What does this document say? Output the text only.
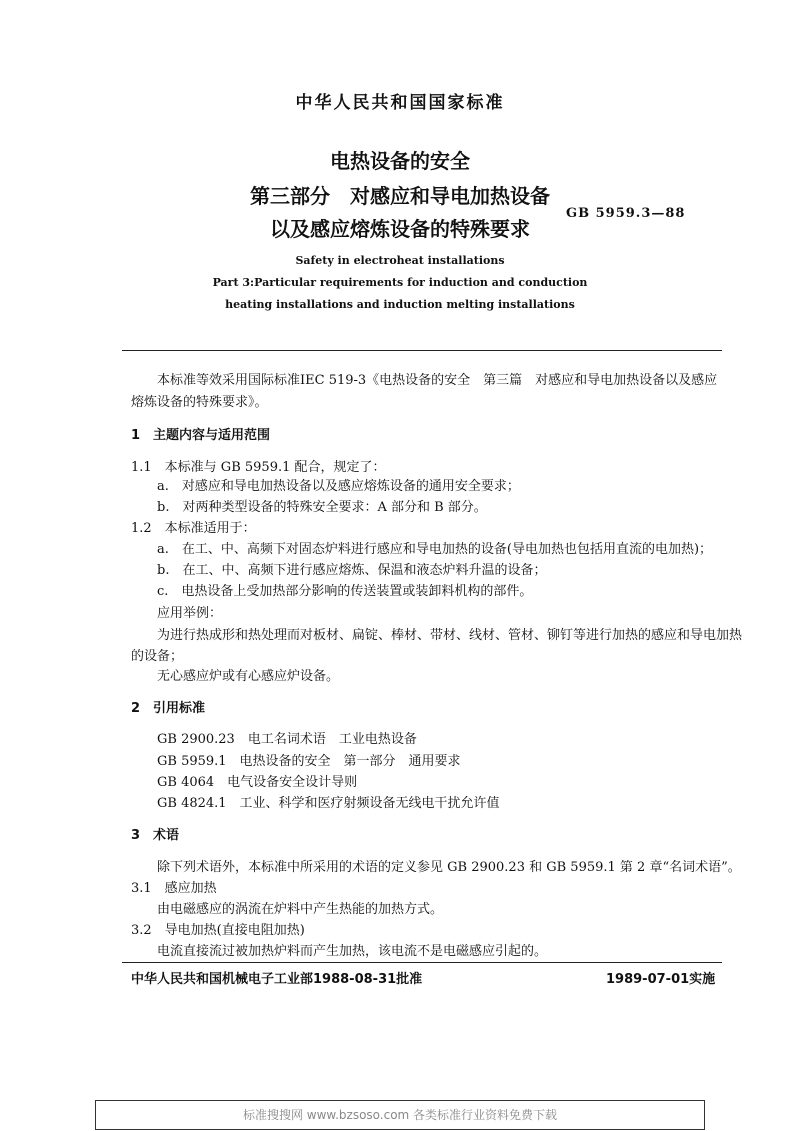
中华人民共和国国家标准
电热设备的安全
第三部分　对感应和导电加热设备
以及感应熔炼设备的特殊要求
GB 5959.3—88
Safety in electroheat installations
Part 3:Particular requirements for induction and conduction
heating installations and induction melting installations
本标准等效采用国际标准IEC 519-3《电热设备的安全　第三篇　对感应和导电加热设备以及感应
熔炼设备的特殊要求》。
1　主题内容与适用范围
1.1　本标准与 GB 5959.1 配合，规定了：
a.　对感应和导电加热设备以及感应熔炼设备的通用安全要求；
b.　对两种类型设备的特殊安全要求：A 部分和 B 部分。
1.2　本标准适用于：
a.　在工、中、高频下对固态炉料进行感应和导电加热的设备(导电加热也包括用直流的电加热)；
b.　在工、中、高频下进行感应熔炼、保温和液态炉料升温的设备；
c.　电热设备上受加热部分影响的传送装置或装卸料机构的部件。
应用举例：
为进行热成形和热处理而对板材、扁锭、棒材、带材、线材、管材、铆钉等进行加热的感应和导电加热
的设备；
无心感应炉或有心感应炉设备。
2　引用标准
GB 2900.23　电工名词术语　工业电热设备
GB 5959.1　电热设备的安全　第一部分　通用要求
GB 4064　电气设备安全设计导则
GB 4824.1　工业、科学和医疗射频设备无线电干扰允许值
3　术语
除下列术语外，本标准中所采用的术语的定义参见 GB 2900.23 和 GB 5959.1 第 2 章“名词术语”。
3.1　感应加热
由电磁感应的涡流在炉料中产生热能的加热方式。
3.2　导电加热(直接电阻加热)
电流直接流过被加热炉料而产生加热，该电流不是电磁感应引起的。
中华人民共和国机械电子工业部1988-08-31批准	1989-07-01实施
标准搜搜网 www.bzsoso.com 各类标准行业资料免费下载
